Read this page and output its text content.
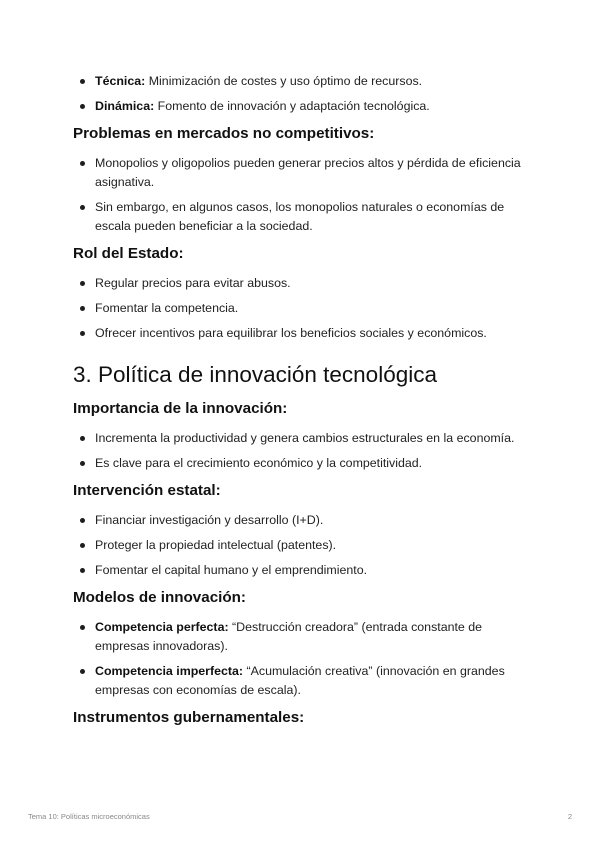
Técnica: Minimización de costes y uso óptimo de recursos.
Dinámica: Fomento de innovación y adaptación tecnológica.
Problemas en mercados no competitivos:
Monopolios y oligopolios pueden generar precios altos y pérdida de eficiencia asignativa.
Sin embargo, en algunos casos, los monopolios naturales o economías de escala pueden beneficiar a la sociedad.
Rol del Estado:
Regular precios para evitar abusos.
Fomentar la competencia.
Ofrecer incentivos para equilibrar los beneficios sociales y económicos.
3. Política de innovación tecnológica
Importancia de la innovación:
Incrementa la productividad y genera cambios estructurales en la economía.
Es clave para el crecimiento económico y la competitividad.
Intervención estatal:
Financiar investigación y desarrollo (I+D).
Proteger la propiedad intelectual (patentes).
Fomentar el capital humano y el emprendimiento.
Modelos de innovación:
Competencia perfecta: “Destrucción creadora” (entrada constante de empresas innovadoras).
Competencia imperfecta: “Acumulación creativa” (innovación en grandes empresas con economías de escala).
Instrumentos gubernamentales:
Tema 10: Políticas microeconómicas	2
